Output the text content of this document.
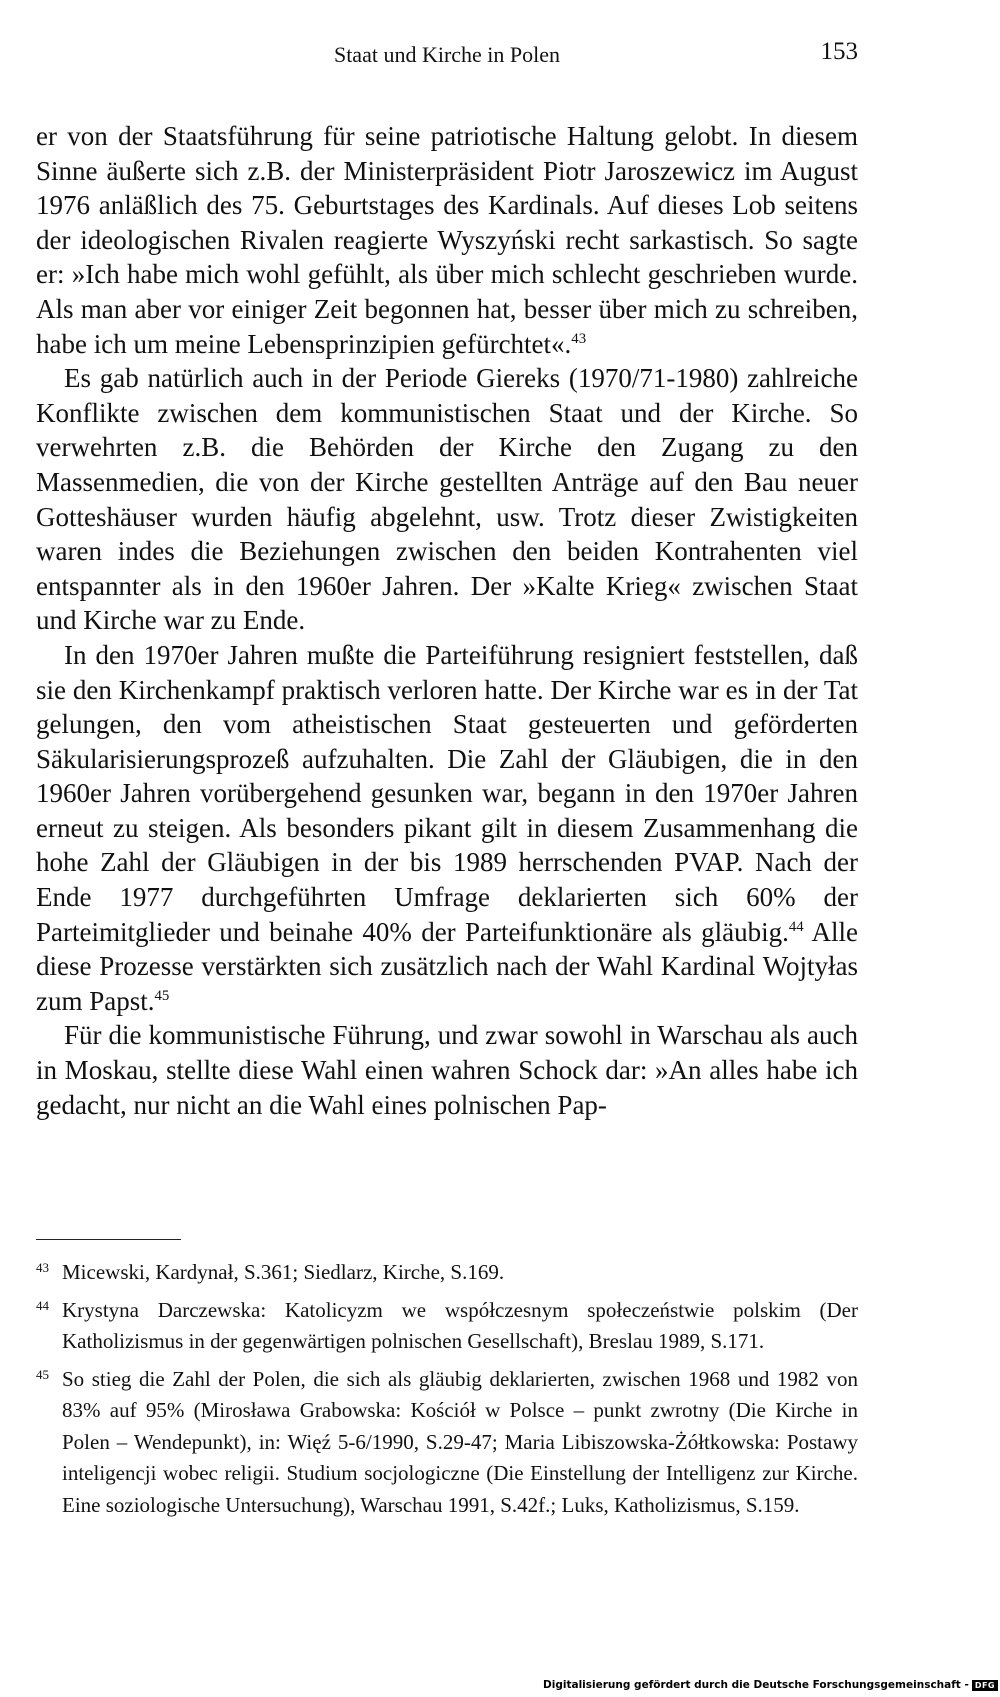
Staat und Kirche in Polen	153

er von der Staatsführung für seine patriotische Haltung gelobt. In diesem Sinne äußerte sich z.B. der Ministerpräsident Piotr Jaroszewicz im August 1976 anläßlich des 75. Geburtstages des Kardinals. Auf dieses Lob seitens der ideologischen Rivalen reagierte Wyszyński recht sarkastisch. So sagte er: »Ich habe mich wohl gefühlt, als über mich schlecht geschrieben wurde. Als man aber vor einiger Zeit begonnen hat, besser über mich zu schreiben, habe ich um meine Lebensprinzipien gefürchtet«.$^{43}$

Es gab natürlich auch in der Periode Giereks (1970/71-1980) zahlreiche Konflikte zwischen dem kommunistischen Staat und der Kirche. So verwehrten z.B. die Behörden der Kirche den Zugang zu den Massenmedien, die von der Kirche gestellten Anträge auf den Bau neuer Gotteshäuser wurden häufig abgelehnt, usw. Trotz dieser Zwistigkeiten waren indes die Beziehungen zwischen den beiden Kontrahenten viel entspannter als in den 1960er Jahren. Der »Kalte Krieg« zwischen Staat und Kirche war zu Ende.

In den 1970er Jahren mußte die Parteiführung resigniert feststellen, daß sie den Kirchenkampf praktisch verloren hatte. Der Kirche war es in der Tat gelungen, den vom atheistischen Staat gesteuerten und geförderten Säkularisierungsprozeß aufzuhalten. Die Zahl der Gläubigen, die in den 1960er Jahren vorübergehend gesunken war, begann in den 1970er Jahren erneut zu steigen. Als besonders pikant gilt in diesem Zusammenhang die hohe Zahl der Gläubigen in der bis 1989 herrschenden PVAP. Nach der Ende 1977 durchgeführten Umfrage deklarierten sich 60% der Parteimitglieder und beinahe 40% der Parteifunktionäre als gläubig.$^{44}$ Alle diese Prozesse verstärkten sich zusätzlich nach der Wahl Kardinal Wojtyłas zum Papst.$^{45}$

Für die kommunistische Führung, und zwar sowohl in Warschau als auch in Moskau, stellte diese Wahl einen wahren Schock dar: »An alles habe ich gedacht, nur nicht an die Wahl eines polnischen Pap-

43 Micewski, Kardynał, S.361; Siedlarz, Kirche, S.169.
44 Krystyna Darczewska: Katolicyzm we współczesnym społeczeństwie polskim (Der Katholizismus in der gegenwärtigen polnischen Gesellschaft), Breslau 1989, S.171.
45 So stieg die Zahl der Polen, die sich als gläubig deklarierten, zwischen 1968 und 1982 von 83% auf 95% (Mirosława Grabowska: Kościół w Polsce – punkt zwrotny (Die Kirche in Polen – Wendepunkt), in: Więź 5-6/1990, S.29-47; Maria Libiszowska-Żółtkowska: Postawy inteligencji wobec religii. Studium socjologiczne (Die Einstellung der Intelligenz zur Kirche. Eine soziologische Untersuchung), Warschau 1991, S.42f.; Luks, Katholizismus, S.159.
Digitalisierung gefördert durch die Deutsche Forschungsgemeinschaft - DFG
